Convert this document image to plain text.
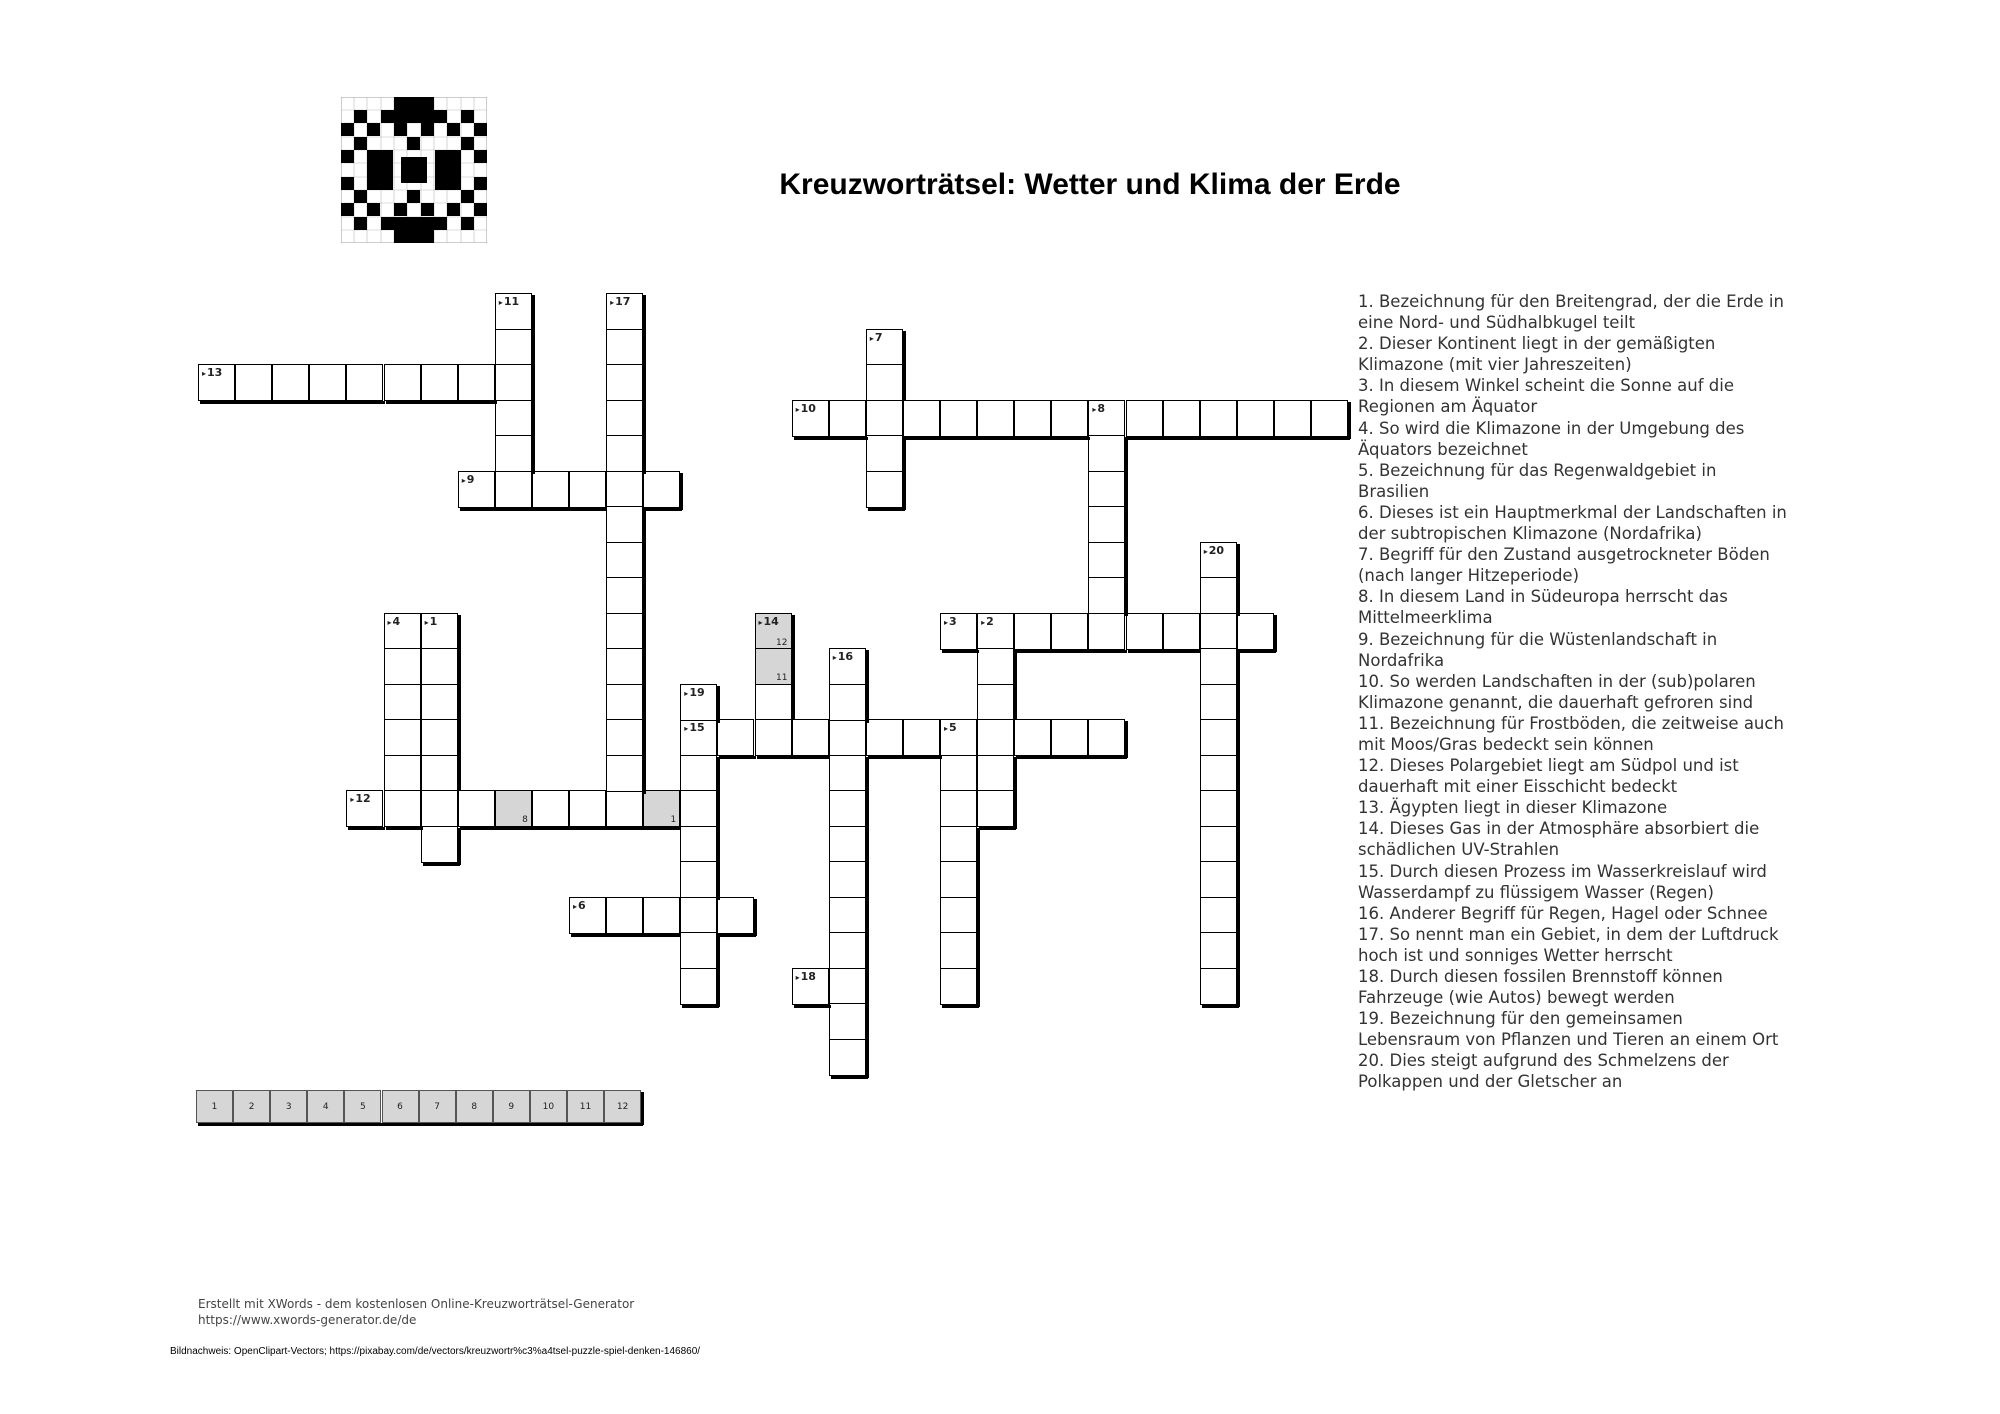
Kreuzworträtsel: Wetter und Klima der Erde
▸ 1
▸	2
▸ 3
▸ 4
▸ 5
▸ 6
▸ 7
▸ 8
▸ 9
▸ 10
▸ 11
▸ 12
8	1
▸ 13
▸ 14
12
11
▸ 15
▸ 16
▸ 17
▸ 18
▸ 19
▸ 20
1	2	3	4	5	6	7	8	9	10	11	12
1. Bezeichnung für den Breitengrad, der die Erde in eine Nord- und Südhalbkugel teilt
2. Dieser Kontinent liegt in der gemäßigten Klimazone (mit vier Jahreszeiten)
3. In diesem Winkel scheint die Sonne auf die Regionen am Äquator
4. So wird die Klimazone in der Umgebung des Äquators bezeichnet
5. Bezeichnung für das Regenwaldgebiet in Brasilien
6. Dieses ist ein Hauptmerkmal der Landschaften in der subtropischen Klimazone (Nordafrika)
7. Begriff für den Zustand ausgetrockneter Böden (nach langer Hitzeperiode)
8. In diesem Land in Südeuropa herrscht das Mittelmeerklima
9. Bezeichnung für die Wüstenlandschaft in Nordafrika
10. So werden Landschaften in der (sub)polaren Klimazone genannt, die dauerhaft gefroren sind
11. Bezeichnung für Frostböden, die zeitweise auch mit Moos/Gras bedeckt sein können
12. Dieses Polargebiet liegt am Südpol und ist dauerhaft mit einer Eisschicht bedeckt
13. Ägypten liegt in dieser Klimazone
14. Dieses Gas in der Atmosphäre absorbiert die schädlichen UV-Strahlen
15. Durch diesen Prozess im Wasserkreislauf wird Wasserdampf zu flüssigem Wasser (Regen)
16. Anderer Begriff für Regen, Hagel oder Schnee
17. So nennt man ein Gebiet, in dem der Luftdruck hoch ist und sonniges Wetter herrscht
18. Durch diesen fossilen Brennstoff können Fahrzeuge (wie Autos) bewegt werden
19. Bezeichnung für den gemeinsamen Lebensraum von Pflanzen und Tieren an einem Ort
20. Dies steigt aufgrund des Schmelzens der Polkappen und der Gletscher an
Erstellt mit XWords - dem kostenlosen Online-Kreuzworträtsel-Generator
https://www.xwords-generator.de/de
Bildnachweis: OpenClipart-Vectors; https://pixabay.com/de/vectors/kreuzwortr%c3%a4tsel-puzzle-spiel-denken-146860/
